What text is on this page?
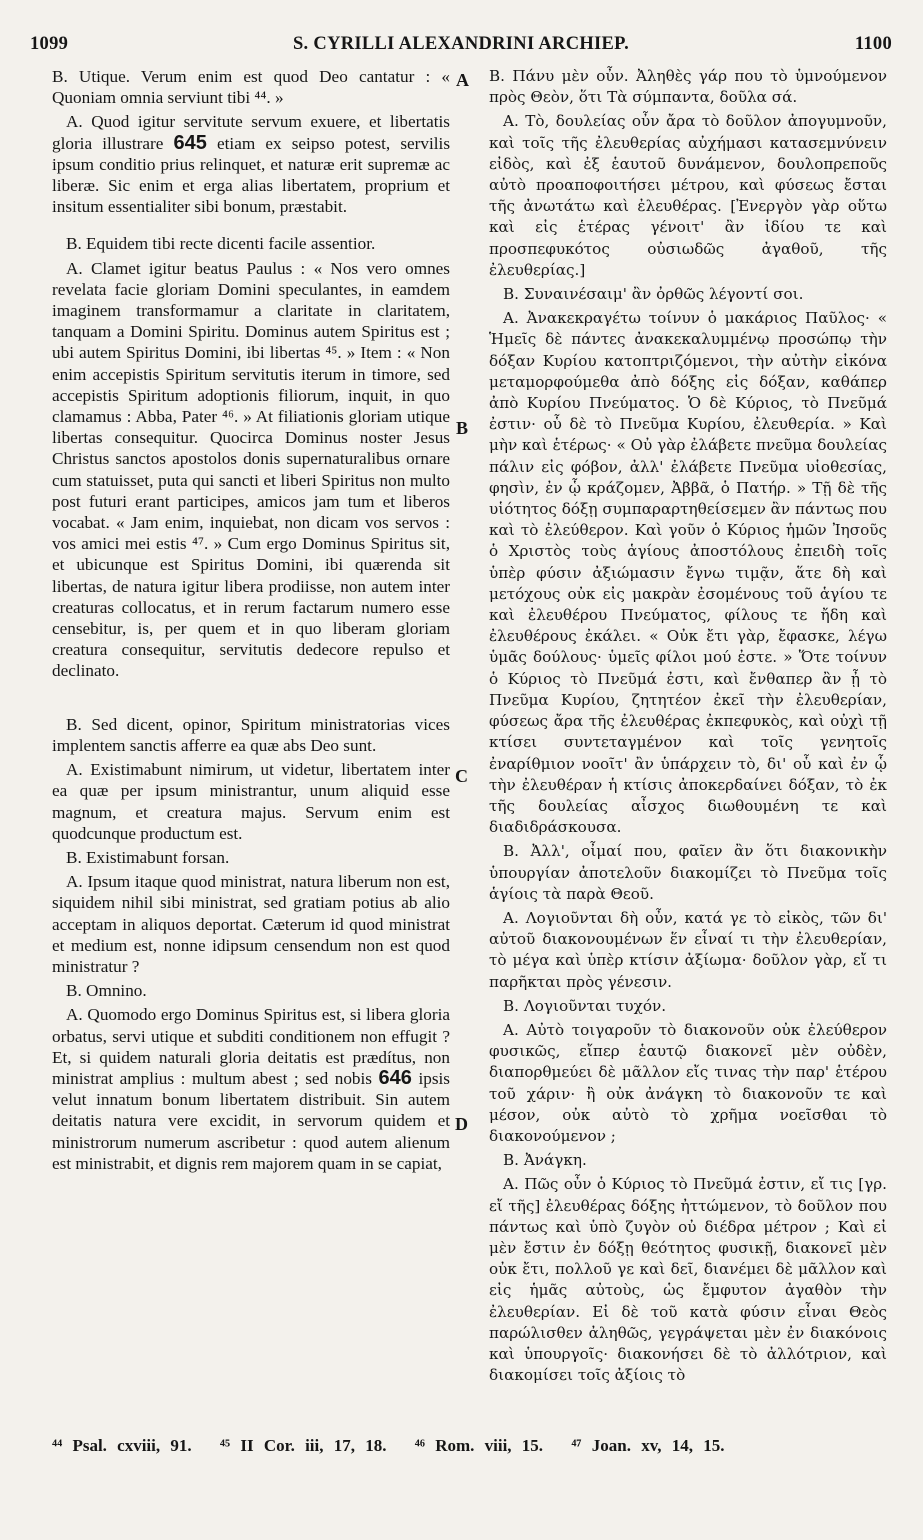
1099	S. CYRILLI ALEXANDRINI ARCHIEP.	1100

B. Utique. Verum enim est quod Deo cantatur : « Quoniam omnia serviunt tibi ⁴⁴. »

A. Quod igitur servitute servum exuere, et libertatis gloria illustrare 645 etiam ex seipso potest, servilis ipsum conditio prius relinquet, et naturæ erit supremæ ac liberæ. Sic enim et erga alias libertatem, proprium et insitum essentialiter sibi bonum, præstabit.

B. Equidem tibi recte dicenti facile assentior.

A. Clamet igitur beatus Paulus : « Nos vero omnes revelata facie gloriam Domini speculantes, in eamdem imaginem transformamur a claritate in claritatem, tanquam a Domini Spiritu. Dominus autem Spiritus est ; ubi autem Spiritus Domini, ibi libertas ⁴⁵. » Item : « Non enim accepistis Spiritum servitutis iterum in timore, sed accepistis Spiritum adoptionis filiorum, inquit, in quo clamamus : Abba, Pater ⁴⁶. » At filiationis gloriam utique libertas consequitur. Quocirca Dominus noster Jesus Christus sanctos apostolos donis supernaturalibus ornare cum statuisset, puta qui sancti et liberi Spiritus non multo post futuri erant participes, amicos jam tum et liberos vocabat. « Jam enim, inquiebat, non dicam vos servos : vos amici mei estis ⁴⁷. » Cum ergo Dominus Spiritus sit, et ubicunque est Spiritus Domini, ibi quærenda sit libertas, de natura igitur libera prodiisse, non autem inter creaturas collocatus, et in rerum factarum numero esse censebitur, is, per quem et in quo liberam gloriam creatura consequitur, servitutis dedecore repulso et declinato.

B. Sed dicent, opinor, Spiritum ministratorias vices implentem sanctis afferre ea quæ abs Deo sunt.

A. Existimabunt nimirum, ut videtur, libertatem inter ea quæ per ipsum ministrantur, unum aliquid esse magnum, et creatura majus. Servum enim est quodcunque productum est.

B. Existimabunt forsan.

A. Ipsum itaque quod ministrat, natura liberum non est, siquidem nihil sibi ministrat, sed gratiam potius ab alio acceptam in aliquos deportat. Cæterum id quod ministrat et medium est, nonne idipsum censendum non est quod ministratur ?

B. Omnino.

A. Quomodo ergo Dominus Spiritus est, si libera gloria orbatus, servi utique et subditi conditionem non effugit ? Et, si quidem naturali gloria deitatis est prædítus, non ministrat amplius : multum abest ; sed nobis 646 ipsis velut innatum bonum libertatem distribuit. Sin autem deitatis natura vere excidit, in servorum quidem et ministrorum numerum ascribetur : quod autem alienum est ministrabit, et dignis rem majorem quam in se capiat,

A
B
C
D

B. Πάνυ μὲν οὖν. Ἀληθὲς γάρ που τὸ ὑμνούμενον πρὸς Θεὸν, ὅτι Τὰ σύμπαντα, δοῦλα σά.

A. Τὸ, δουλείας οὖν ἄρα τὸ δοῦλον ἀπογυμνοῦν, καὶ τοῖς τῆς ἐλευθερίας αὐχήμασι κατασεμνύνειν εἰδὸς, καὶ ἐξ ἑαυτοῦ δυνάμενον, δουλοπρεποῦς αὐτὸ προαποφοιτήσει μέτρου, καὶ φύσεως ἔσται τῆς ἀνωτάτω καὶ ἐλευθέρας. [Ἐνεργὸν γὰρ οὕτω καὶ εἰς ἑτέρας γένοιτ' ἂν ἰδίου τε καὶ προσπεφυκότος οὐσιωδῶς ἀγαθοῦ, τῆς ἐλευθερίας.]

B. Συναινέσαιμ' ἂν ὀρθῶς λέγοντί σοι.

A. Ἀνακεκραγέτω τοίνυν ὁ μακάριος Παῦλος· « Ἡμεῖς δὲ πάντες ἀνακεκαλυμμένῳ προσώπῳ τὴν δόξαν Κυρίου κατοπτριζόμενοι, τὴν αὐτὴν εἰκόνα μεταμορφούμεθα ἀπὸ δόξης εἰς δόξαν, καθάπερ ἀπὸ Κυρίου Πνεύματος. Ὁ δὲ Κύριος, τὸ Πνεῦμά ἐστιν· οὗ δὲ τὸ Πνεῦμα Κυρίου, ἐλευθερία. » Καὶ μὴν καὶ ἑτέρως· « Οὐ γὰρ ἐλάβετε πνεῦμα δουλείας πάλιν εἰς φόβον, ἀλλ' ἐλάβετε Πνεῦμα υἱοθεσίας, φησὶν, ἐν ᾧ κράζομεν, Ἀββᾶ, ὁ Πατήρ. » Τῇ δὲ τῆς υἱότητος δόξῃ συμπαραρτηθείσεμεν ἂν πάντως που καὶ τὸ ἐλεύθερον. Καὶ γοῦν ὁ Κύριος ἡμῶν Ἰησοῦς ὁ Χριστὸς τοὺς ἁγίους ἀποστόλους ἐπειδὴ τοῖς ὑπὲρ φύσιν ἀξιώμασιν ἔγνω τιμᾷν, ἅτε δὴ καὶ μετόχους οὐκ εἰς μακρὰν ἐσομένους τοῦ ἁγίου τε καὶ ἐλευθέρου Πνεύματος, φίλους τε ἤδη καὶ ἐλευθέρους ἐκάλει. « Οὐκ ἔτι γὰρ, ἔφασκε, λέγω ὑμᾶς δούλους· ὑμεῖς φίλοι μού ἐστε. » Ὅτε τοίνυν ὁ Κύριος τὸ Πνεῦμά ἐστι, καὶ ἔνθαπερ ἂν ᾖ τὸ Πνεῦμα Κυρίου, ζητητέον ἐκεῖ τὴν ἐλευθερίαν, φύσεως ἄρα τῆς ἐλευθέρας ἐκπεφυκὸς, καὶ οὐχὶ τῇ κτίσει συντεταγμένον καὶ τοῖς γενητοῖς ἐναρίθμιον νοοῖτ' ἂν ὑπάρχειν τὸ, δι' οὗ καὶ ἐν ᾧ τὴν ἐλευθέραν ἡ κτίσις ἀποκερδαίνει δόξαν, τὸ ἐκ τῆς δουλείας αἶσχος διωθουμένη τε καὶ διαδιδράσκουσα.

B. Ἀλλ', οἶμαί που, φαῖεν ἂν ὅτι διακονικὴν ὑπουργίαν ἀποτελοῦν διακομίζει τὸ Πνεῦμα τοῖς ἁγίοις τὰ παρὰ Θεοῦ.

A. Λογιοῦνται δὴ οὖν, κατά γε τὸ εἰκὸς, τῶν δι' αὐτοῦ διακονουμένων ἕν εἶναί τι τὴν ἐλευθερίαν, τὸ μέγα καὶ ὑπὲρ κτίσιν ἀξίωμα· δοῦλον γὰρ, εἴ τι παρῆκται πρὸς γένεσιν.

B. Λογιοῦνται τυχόν.

A. Αὐτὸ τοιγαροῦν τὸ διακονοῦν οὐκ ἐλεύθερον φυσικῶς, εἴπερ ἑαυτῷ διακονεῖ μὲν οὐδὲν, διαπορθμεύει δὲ μᾶλλον εἴς τινας τὴν παρ' ἑτέρου τοῦ χάριν· ἢ οὐκ ἀνάγκη τὸ διακονοῦν τε καὶ μέσον, οὐκ αὐτὸ τὸ χρῆμα νοεῖσθαι τὸ διακονούμενον ;

B. Ἀνάγκη.

A. Πῶς οὖν ὁ Κύριος τὸ Πνεῦμά ἐστιν, εἴ τις [γρ. εἴ τῆς] ἐλευθέρας δόξης ἠττώμενον, τὸ δοῦλον που πάντως καὶ ὑπὸ ζυγὸν οὐ διέδρα μέτρον ; Καὶ εἰ μὲν ἔστιν ἐν δόξῃ θεότητος φυσικῇ, διακονεῖ μὲν οὐκ ἔτι, πολλοῦ γε καὶ δεῖ, διανέμει δὲ μᾶλλον καὶ εἰς ἡμᾶς αὐτοὺς, ὡς ἔμφυτον ἀγαθὸν τὴν ἐλευθερίαν. Εἰ δὲ τοῦ κατὰ φύσιν εἶναι Θεὸς παρώλισθεν ἀληθῶς, γεγράψεται μὲν ἐν διακόνοις καὶ ὑπουργοῖς· διακονήσει δὲ τὸ ἀλλότριον, καὶ διακομίσει τοῖς ἀξίοις τὸ

⁴⁴ Psal. cxviii, 91. ⁴⁵ II Cor. iii, 17, 18. ⁴⁶ Rom. viii, 15. ⁴⁷ Joan. xv, 14, 15.
